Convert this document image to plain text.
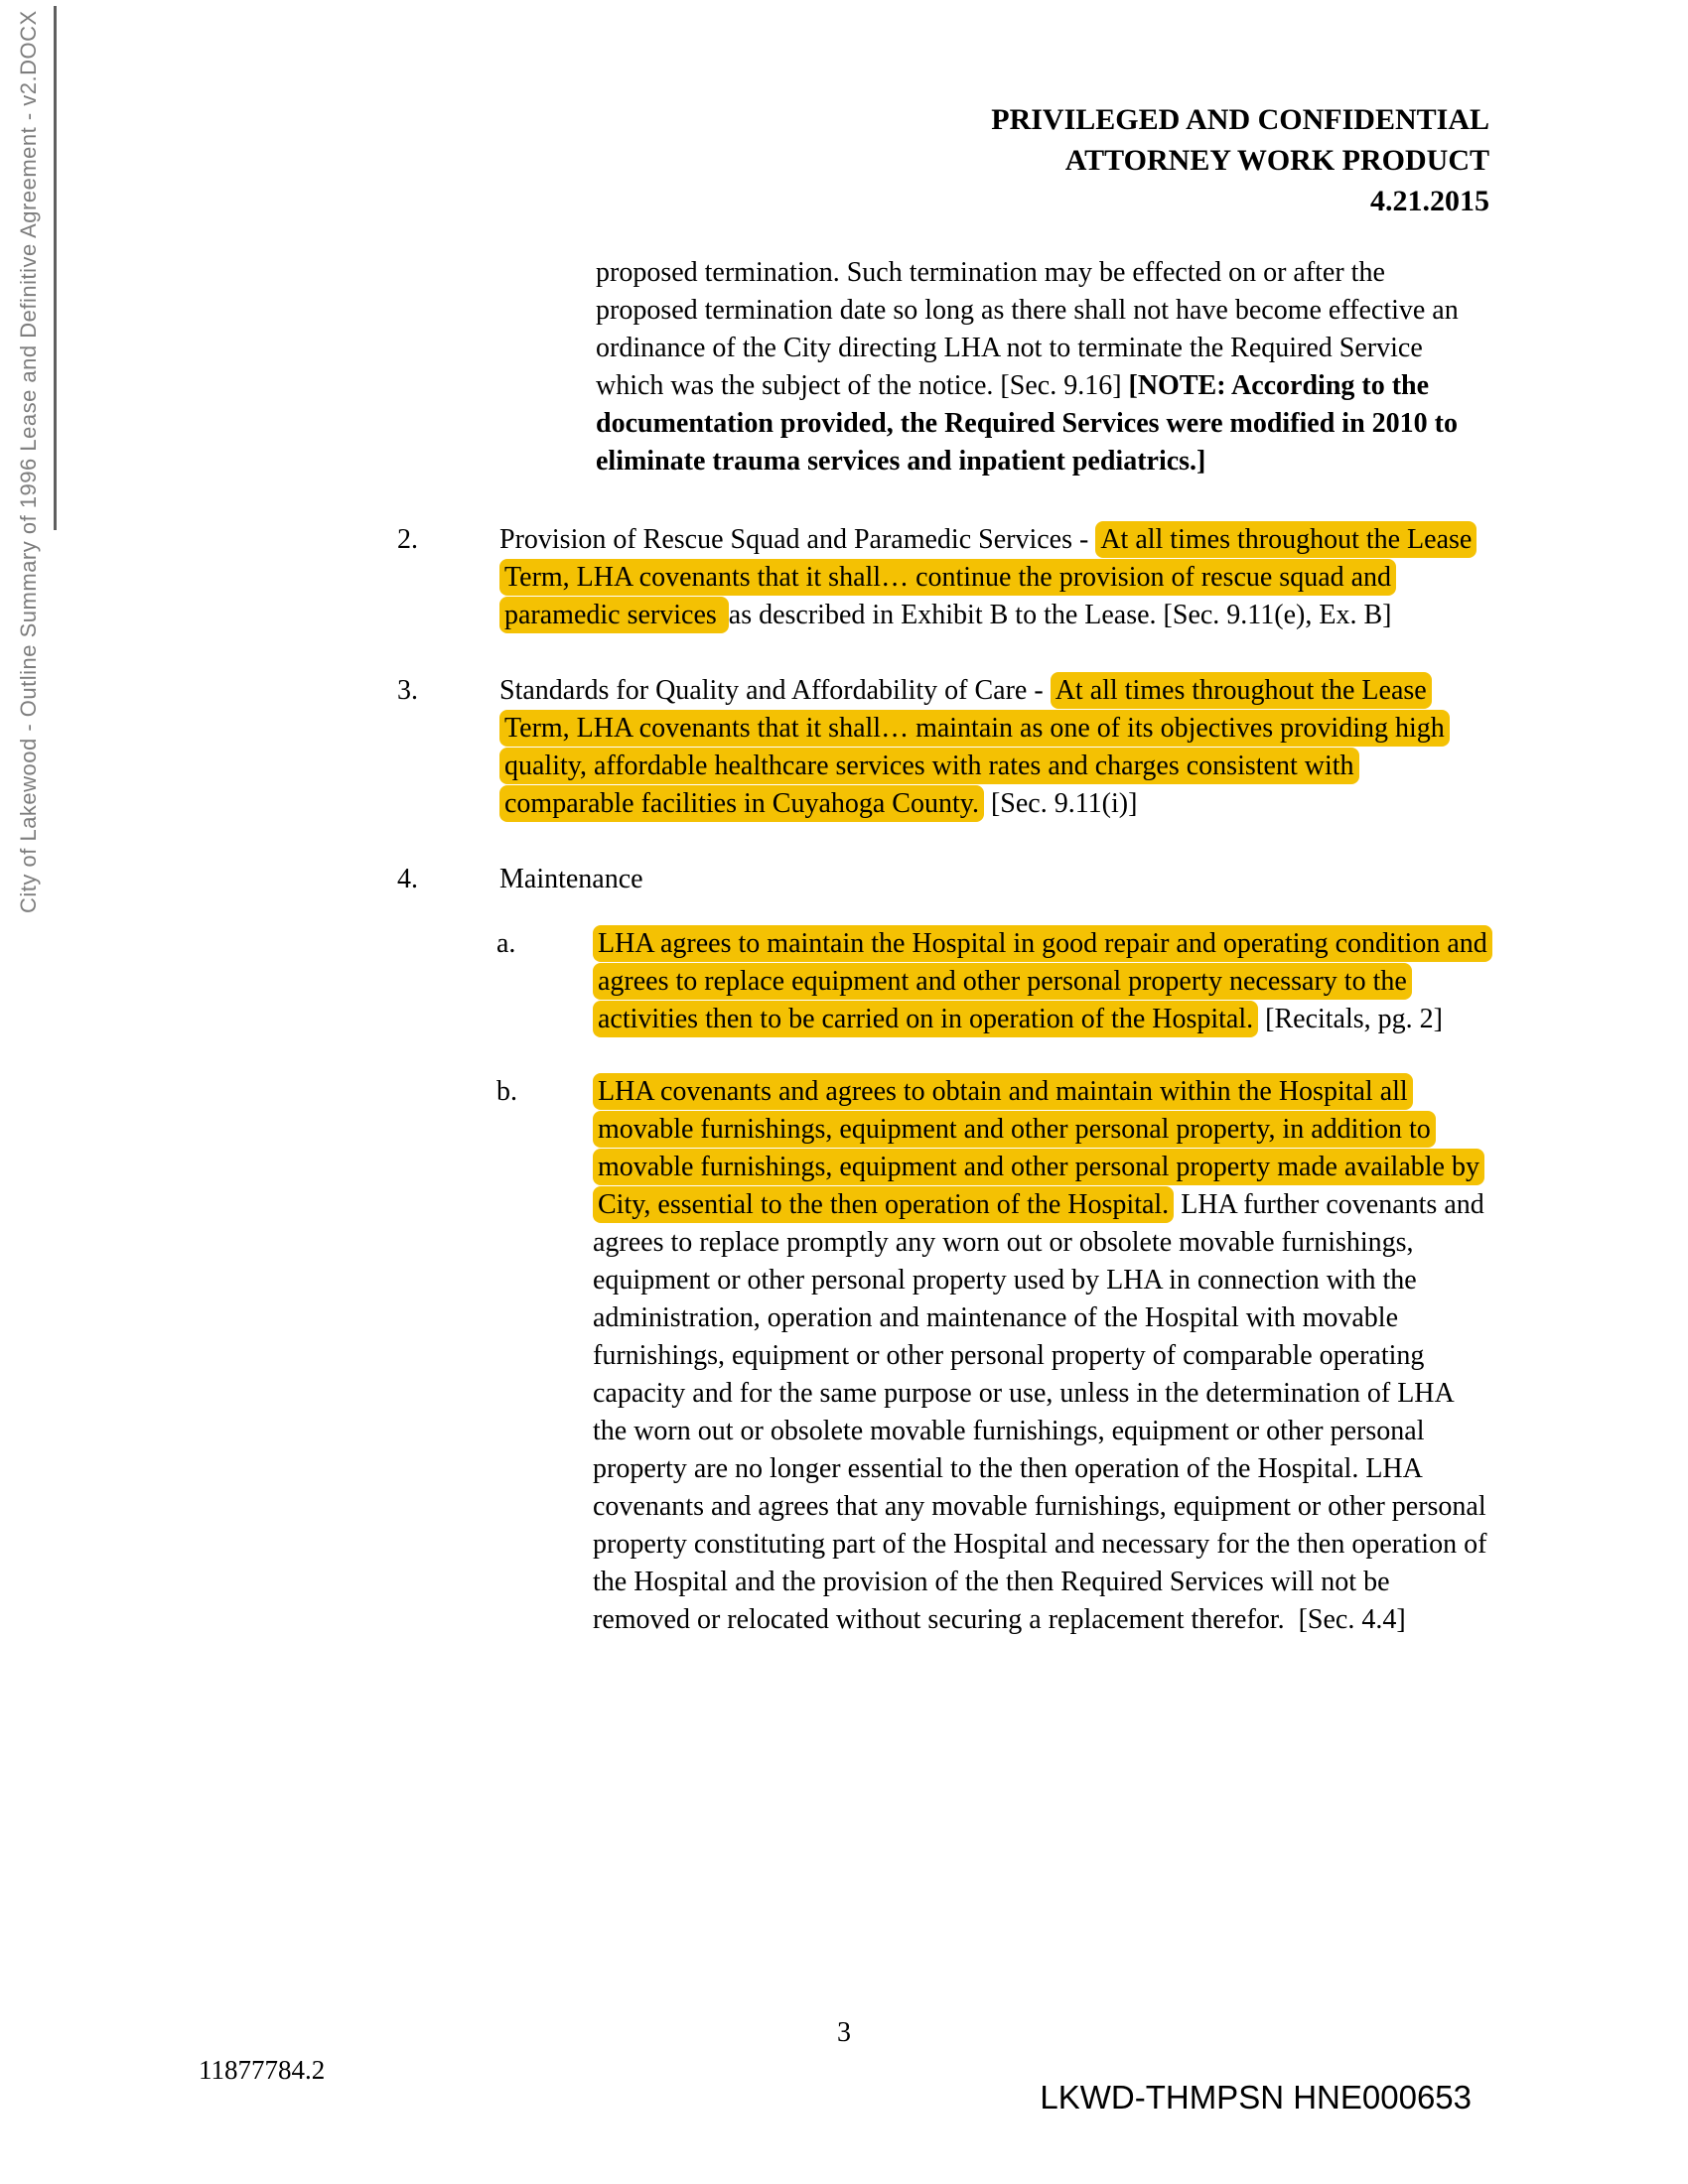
City of Lakewood - Outline Summary of 1996 Lease and Definitive Agreement - v2.DOCX	PRIVILEGED AND CONFIDENTIAL
ATTORNEY WORK PRODUCT
4.21.2015
proposed termination. Such termination may be effected on or after the proposed termination date so long as there shall not have become effective an ordinance of the City directing LHA not to terminate the Required Service which was the subject of the notice. [Sec. 9.16] [NOTE: According to the documentation provided, the Required Services were modified in 2010 to eliminate trauma services and inpatient pediatrics.]
2.	Provision of Rescue Squad and Paramedic Services - At all times throughout the Lease Term, LHA covenants that it shall… continue the provision of rescue squad and paramedic services as described in Exhibit B to the Lease. [Sec. 9.11(e), Ex. B]
3.	Standards for Quality and Affordability of Care - At all times throughout the Lease Term, LHA covenants that it shall… maintain as one of its objectives providing high quality, affordable healthcare services with rates and charges consistent with comparable facilities in Cuyahoga County. [Sec. 9.11(i)]
4.	Maintenance
a.	LHA agrees to maintain the Hospital in good repair and operating condition and agrees to replace equipment and other personal property necessary to the activities then to be carried on in operation of the Hospital. [Recitals, pg. 2]
b.	LHA covenants and agrees to obtain and maintain within the Hospital all movable furnishings, equipment and other personal property, in addition to movable furnishings, equipment and other personal property made available by City, essential to the then operation of the Hospital. LHA further covenants and agrees to replace promptly any worn out or obsolete movable furnishings, equipment or other personal property used by LHA in connection with the administration, operation and maintenance of the Hospital with movable furnishings, equipment or other personal property of comparable operating capacity and for the same purpose or use, unless in the determination of LHA the worn out or obsolete movable furnishings, equipment or other personal property are no longer essential to the then operation of the Hospital. LHA covenants and agrees that any movable furnishings, equipment or other personal property constituting part of the Hospital and necessary for the then operation of the Hospital and the provision of the then Required Services will not be removed or relocated without securing a replacement therefor.  [Sec. 4.4]
3
11877784.2
LKWD-THMPSN HNE000653
